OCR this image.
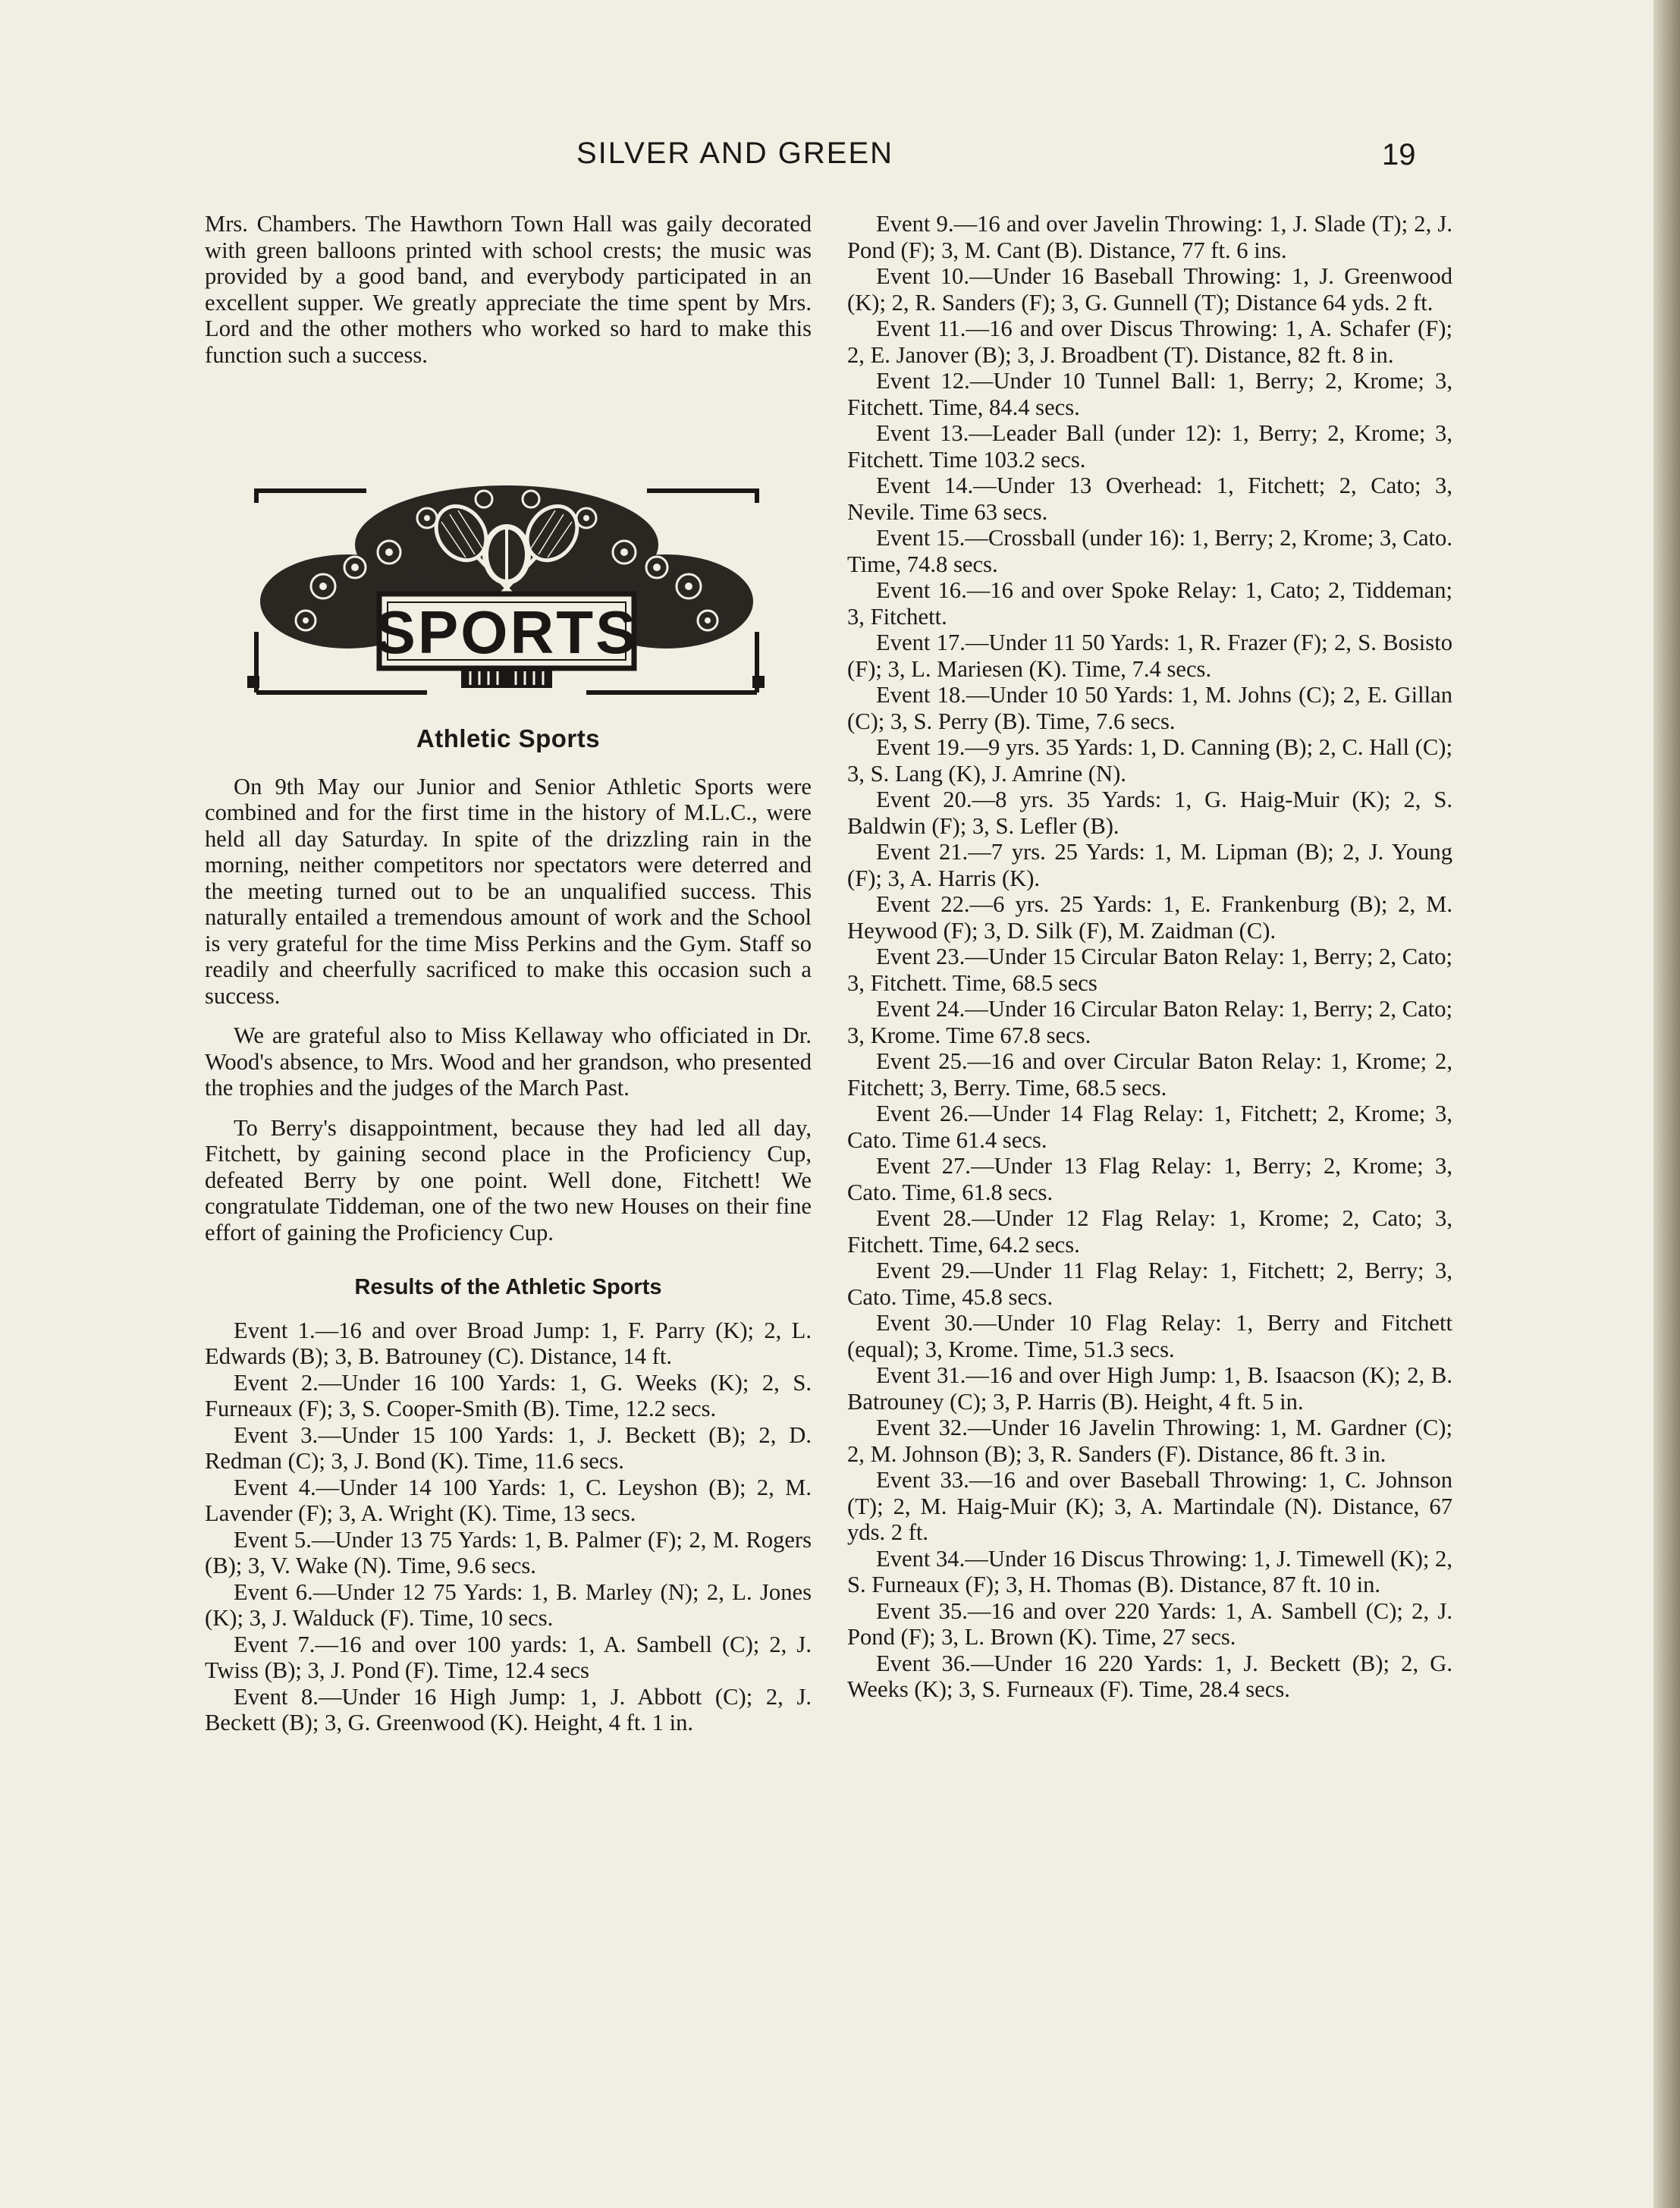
SILVER AND GREEN	19

Mrs. Chambers. The Hawthorn Town Hall was gaily decorated with green balloons printed with school crests; the music was provided by a good band, and everybody participated in an excellent supper. We greatly appreciate the time spent by Mrs. Lord and the other mothers who worked so hard to make this function such a success.

SPORTS
Athletic Sports

On 9th May our Junior and Senior Athletic Sports were combined and for the first time in the history of M.L.C., were held all day Saturday. In spite of the drizzling rain in the morning, neither competitors nor spectators were deterred and the meeting turned out to be an unqualified success. This naturally entailed a tremendous amount of work and the School is very grateful for the time Miss Perkins and the Gym. Staff so readily and cheerfully sacrificed to make this occasion such a success.

We are grateful also to Miss Kellaway who officiated in Dr. Wood's absence, to Mrs. Wood and her grandson, who presented the trophies and the judges of the March Past.

To Berry's disappointment, because they had led all day, Fitchett, by gaining second place in the Proficiency Cup, defeated Berry by one point. Well done, Fitchett! We congratulate Tiddeman, one of the two new Houses on their fine effort of gaining the Proficiency Cup.

Results of the Athletic Sports

Event 1.—16 and over Broad Jump: 1, F. Parry (K); 2, L. Edwards (B); 3, B. Batrouney (C). Distance, 14 ft.

Event 2.—Under 16 100 Yards: 1, G. Weeks (K); 2, S. Furneaux (F); 3, S. Cooper-Smith (B). Time, 12.2 secs.

Event 3.—Under 15 100 Yards: 1, J. Beckett (B); 2, D. Redman (C); 3, J. Bond (K). Time, 11.6 secs.

Event 4.—Under 14 100 Yards: 1, C. Leyshon (B); 2, M. Lavender (F); 3, A. Wright (K). Time, 13 secs.

Event 5.—Under 13 75 Yards: 1, B. Palmer (F); 2, M. Rogers (B); 3, V. Wake (N). Time, 9.6 secs.

Event 6.—Under 12 75 Yards: 1, B. Marley (N); 2, L. Jones (K); 3, J. Walduck (F). Time, 10 secs.

Event 7.—16 and over 100 yards: 1, A. Sambell (C); 2, J. Twiss (B); 3, J. Pond (F). Time, 12.4 secs

Event 8.—Under 16 High Jump: 1, J. Abbott (C); 2, J. Beckett (B); 3, G. Greenwood (K). Height, 4 ft. 1 in.

Event 9.—16 and over Javelin Throwing: 1, J. Slade (T); 2, J. Pond (F); 3, M. Cant (B). Distance, 77 ft. 6 ins.

Event 10.—Under 16 Baseball Throwing: 1, J. Greenwood (K); 2, R. Sanders (F); 3, G. Gunnell (T); Distance 64 yds. 2 ft.

Event 11.—16 and over Discus Throwing: 1, A. Schafer (F); 2, E. Janover (B); 3, J. Broadbent (T). Distance, 82 ft. 8 in.

Event 12.—Under 10 Tunnel Ball: 1, Berry; 2, Krome; 3, Fitchett. Time, 84.4 secs.

Event 13.—Leader Ball (under 12): 1, Berry; 2, Krome; 3, Fitchett. Time 103.2 secs.

Event 14.—Under 13 Overhead: 1, Fitchett; 2, Cato; 3, Nevile. Time 63 secs.

Event 15.—Crossball (under 16): 1, Berry; 2, Krome; 3, Cato. Time, 74.8 secs.

Event 16.—16 and over Spoke Relay: 1, Cato; 2, Tiddeman; 3, Fitchett.

Event 17.—Under 11 50 Yards: 1, R. Frazer (F); 2, S. Bosisto (F); 3, L. Mariesen (K). Time, 7.4 secs.

Event 18.—Under 10 50 Yards: 1, M. Johns (C); 2, E. Gillan (C); 3, S. Perry (B). Time, 7.6 secs.

Event 19.—9 yrs. 35 Yards: 1, D. Canning (B); 2, C. Hall (C); 3, S. Lang (K), J. Amrine (N).

Event 20.—8 yrs. 35 Yards: 1, G. Haig-Muir (K); 2, S. Baldwin (F); 3, S. Lefler (B).

Event 21.—7 yrs. 25 Yards: 1, M. Lipman (B); 2, J. Young (F); 3, A. Harris (K).

Event 22.—6 yrs. 25 Yards: 1, E. Frankenburg (B); 2, M. Heywood (F); 3, D. Silk (F), M. Zaidman (C).

Event 23.—Under 15 Circular Baton Relay: 1, Berry; 2, Cato; 3, Fitchett. Time, 68.5 secs

Event 24.—Under 16 Circular Baton Relay: 1, Berry; 2, Cato; 3, Krome. Time 67.8 secs.

Event 25.—16 and over Circular Baton Relay: 1, Krome; 2, Fitchett; 3, Berry. Time, 68.5 secs.

Event 26.—Under 14 Flag Relay: 1, Fitchett; 2, Krome; 3, Cato. Time 61.4 secs.

Event 27.—Under 13 Flag Relay: 1, Berry; 2, Krome; 3, Cato. Time, 61.8 secs.

Event 28.—Under 12 Flag Relay: 1, Krome; 2, Cato; 3, Fitchett. Time, 64.2 secs.

Event 29.—Under 11 Flag Relay: 1, Fitchett; 2, Berry; 3, Cato. Time, 45.8 secs.

Event 30.—Under 10 Flag Relay: 1, Berry and Fitchett (equal); 3, Krome. Time, 51.3 secs.

Event 31.—16 and over High Jump: 1, B. Isaacson (K); 2, B. Batrouney (C); 3, P. Harris (B). Height, 4 ft. 5 in.

Event 32.—Under 16 Javelin Throwing: 1, M. Gardner (C); 2, M. Johnson (B); 3, R. Sanders (F). Distance, 86 ft. 3 in.

Event 33.—16 and over Baseball Throwing: 1, C. Johnson (T); 2, M. Haig-Muir (K); 3, A. Martindale (N). Distance, 67 yds. 2 ft.

Event 34.—Under 16 Discus Throwing: 1, J. Timewell (K); 2, S. Furneaux (F); 3, H. Thomas (B). Distance, 87 ft. 10 in.

Event 35.—16 and over 220 Yards: 1, A. Sambell (C); 2, J. Pond (F); 3, L. Brown (K). Time, 27 secs.

Event 36.—Under 16 220 Yards: 1, J. Beckett (B); 2, G. Weeks (K); 3, S. Furneaux (F). Time, 28.4 secs.
